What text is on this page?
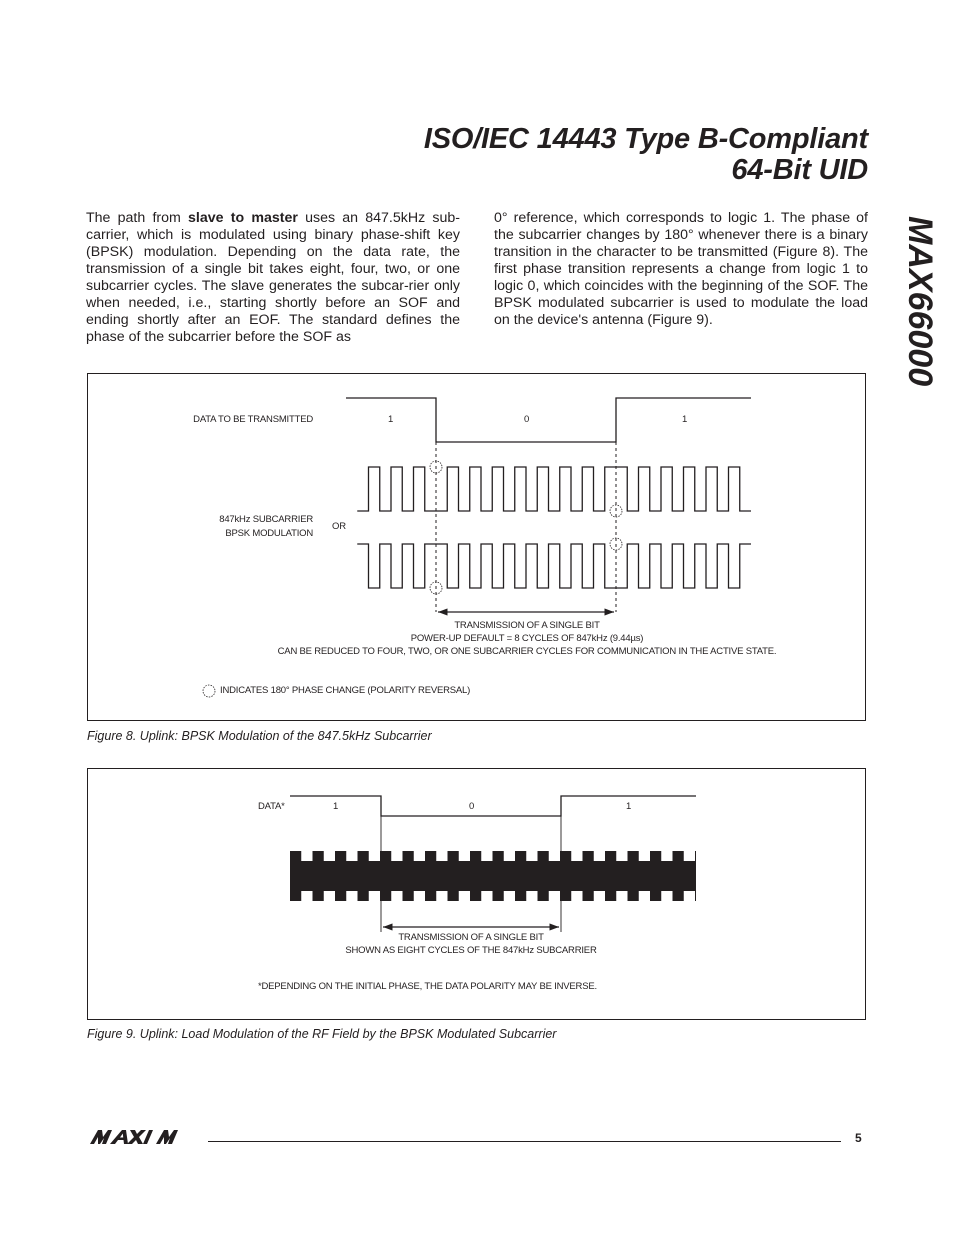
ISO/IEC 14443 Type B-Compliant
64-Bit UID
MAX66000
The path from slave to master uses an 847.5kHz sub-carrier, which is modulated using binary phase-shift key (BPSK) modulation. Depending on the data rate, the transmission of a single bit takes eight, four, two, or one subcarrier cycles. The slave generates the subcar-rier only when needed, i.e., starting shortly before an SOF and ending shortly after an EOF. The standard defines the phase of the subcarrier before the SOF as
0° reference, which corresponds to logic 1. The phase of the subcarrier changes by 180° whenever there is a binary transition in the character to be transmitted (Figure 8). The first phase transition represents a change from logic 1 to logic 0, which coincides with the beginning of the SOF. The BPSK modulated subcarrier is used to modulate the load on the device's antenna (Figure 9).
DATA TO BE TRANSMITTED	1	0	1
847kHz SUBCARRIER
BPSK MODULATION
OR
TRANSMISSION OF A SINGLE BIT
POWER-UP DEFAULT = 8 CYCLES OF 847kHz (9.44µs)
CAN BE REDUCED TO FOUR, TWO, OR ONE SUBCARRIER CYCLES FOR COMMUNICATION IN THE ACTIVE STATE.
INDICATES 180° PHASE CHANGE (POLARITY REVERSAL)
Figure 8. Uplink: BPSK Modulation of the 847.5kHz Subcarrier
DATA*	1	0	1
TRANSMISSION OF A SINGLE BIT
SHOWN AS EIGHT CYCLES OF THE 847kHz SUBCARRIER
*DEPENDING ON THE INITIAL PHASE, THE DATA POLARITY MAY BE INVERSE.
Figure 9. Uplink: Load Modulation of the RF Field by the BPSK Modulated Subcarrier
5
